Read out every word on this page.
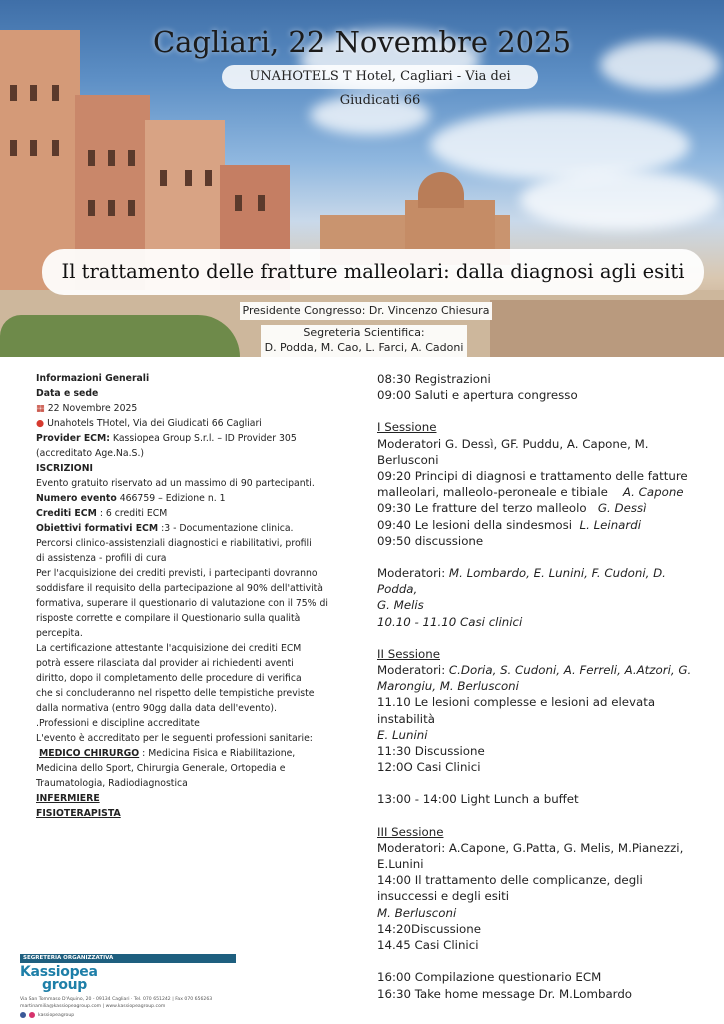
Cagliari, 22 Novembre 2025
UNAHOTELS T Hotel, Cagliari - Via dei Giudicati 66
Il trattamento delle fratture malleolari: dalla diagnosi agli esiti
Presidente Congresso: Dr. Vincenzo Chiesura
Segreteria Scientifica:
D. Podda, M. Cao, L. Farci, A. Cadoni
Informazioni Generali
Data e sede
▦ 22 Novembre 2025
● Unahotels THotel, Via dei Giudicati 66 Cagliari
Provider ECM: Kassiopea Group S.r.l. – ID Provider 305
(accreditato Age.Na.S.)
ISCRIZIONI
Evento gratuito riservato ad un massimo di 90 partecipanti.
Numero evento 466759 – Edizione n. 1
Crediti ECM : 6 crediti ECM
Obiettivi formativi ECM :3 - Documentazione clinica.
Percorsi clinico-assistenziali diagnostici e riabilitativi, profili
di assistenza - profili di cura
Per l'acquisizione dei crediti previsti, i partecipanti dovranno
soddisfare il requisito della partecipazione al 90% dell'attività
formativa, superare il questionario di valutazione con il 75% di
risposte corrette e compilare il Questionario sulla qualità
percepita.
La certificazione attestante l'acquisizione dei crediti ECM
potrà essere rilasciata dal provider ai richiedenti aventi
diritto, dopo il completamento delle procedure di verifica
che si concluderanno nel rispetto delle tempistiche previste
dalla normativa (entro 90gg dalla data dell'evento).
.Professioni e discipline accreditate
L'evento è accreditato per le seguenti professioni sanitarie:
MEDICO CHIRURGO : Medicina Fisica e Riabilitazione,
Medicina dello Sport, Chirurgia Generale, Ortopedia e
Traumatologia, Radiodiagnostica
INFERMIERE
FISIOTERAPISTA
08:30 Registrazioni
09:00 Saluti e apertura congresso
I Sessione
Moderatori G. Dessì, GF. Puddu, A. Capone, M.
Berlusconi
09:20 Principi di diagnosi e trattamento delle fatture
malleolari, malleolo-peroneale e tibiale A. Capone
09:30 Le fratture del terzo malleolo G. Dessì
09:40 Le lesioni della sindesmosi L. Leinardi
09:50 discussione
Moderatori: M. Lombardo, E. Lunini, F. Cudoni, D. Podda,
G. Melis
10.10 - 11.10 Casi clinici
II Sessione
Moderatori: C.Doria, S. Cudoni, A. Ferreli, A.Atzori, G.
Marongiu, M. Berlusconi
11.10 Le lesioni complesse e lesioni ad elevata instabilità
E. Lunini
11:30 Discussione
12:0O Casi Clinici
13:00 - 14:00 Light Lunch a buffet
III Sessione
Moderatori: A.Capone, G.Patta, G. Melis, M.Pianezzi,
E.Lunini
14:00 Il trattamento delle complicanze, degli
insuccessi e degli esiti
M. Berlusconi
14:20Discussione
14.45 Casi Clinici
16:00 Compilazione questionario ECM
16:30 Take home message Dr. M.Lombardo
SEGRETERIA ORGANIZZATIVA
Kassiopea
group
Via San Tommaso D'Aquino, 20 - 09134 Cagliari · Tel. 070 651242 | Fax 070 656263
martinamilia@kassiopeagroup.com | www.kassiopeagroup.com
kassiopeagroup
